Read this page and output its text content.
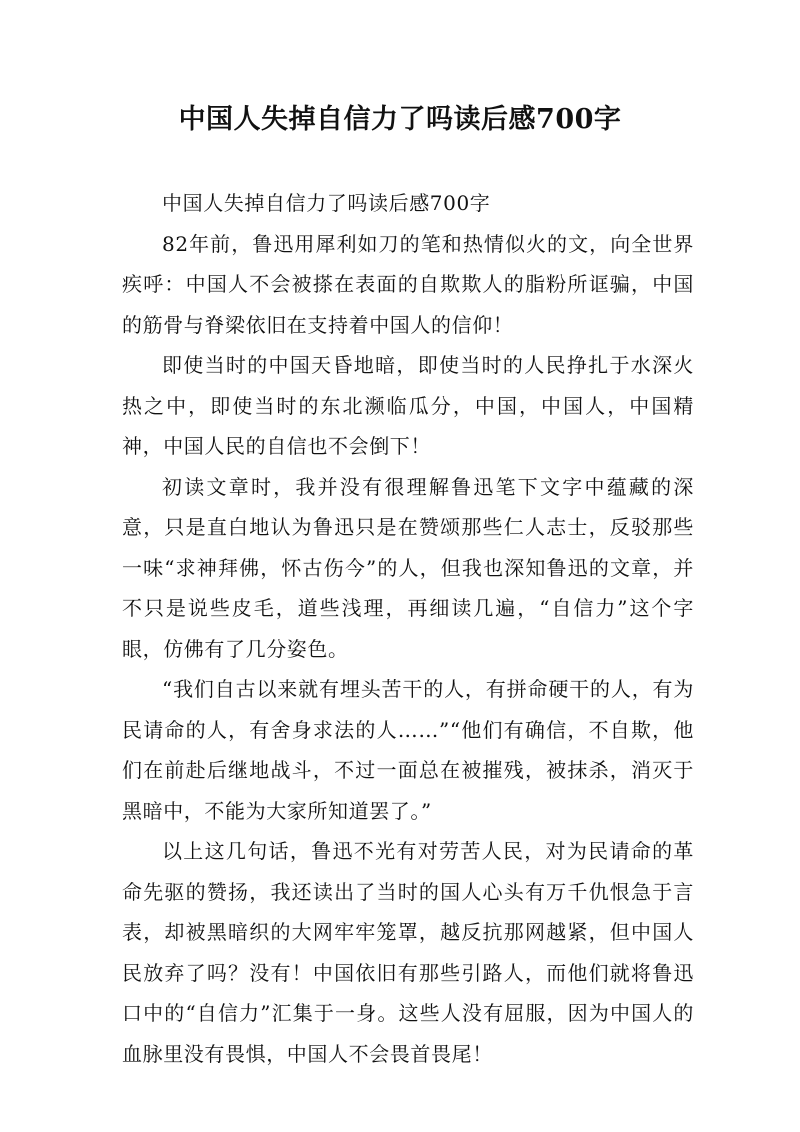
中国人失掉自信力了吗读后感700字

中国人失掉自信力了吗读后感700字

82年前，鲁迅用犀利如刀的笔和热情似火的文，向全世界疾呼：中国人不会被搽在表面的自欺欺人的脂粉所诓骗，中国的筋骨与脊梁依旧在支持着中国人的信仰！

即使当时的中国天昏地暗，即使当时的人民挣扎于水深火热之中，即使当时的东北濒临瓜分，中国，中国人，中国精神，中国人民的自信也不会倒下！

初读文章时，我并没有很理解鲁迅笔下文字中蕴藏的深意，只是直白地认为鲁迅只是在赞颂那些仁人志士，反驳那些一味“求神拜佛，怀古伤今”的人，但我也深知鲁迅的文章，并不只是说些皮毛，道些浅理，再细读几遍，“自信力”这个字眼，仿佛有了几分姿色。

“我们自古以来就有埋头苦干的人，有拼命硬干的人，有为民请命的人，有舍身求法的人……”“他们有确信，不自欺，他们在前赴后继地战斗，不过一面总在被摧残，被抹杀，消灭于黑暗中，不能为大家所知道罢了。”

以上这几句话，鲁迅不光有对劳苦人民，对为民请命的革命先驱的赞扬，我还读出了当时的国人心头有万千仇恨急于言表，却被黑暗织的大网牢牢笼罩，越反抗那网越紧，但中国人民放弃了吗？没有！中国依旧有那些引路人，而他们就将鲁迅口中的“自信力”汇集于一身。这些人没有屈服，因为中国人的血脉里没有畏惧，中国人不会畏首畏尾！
